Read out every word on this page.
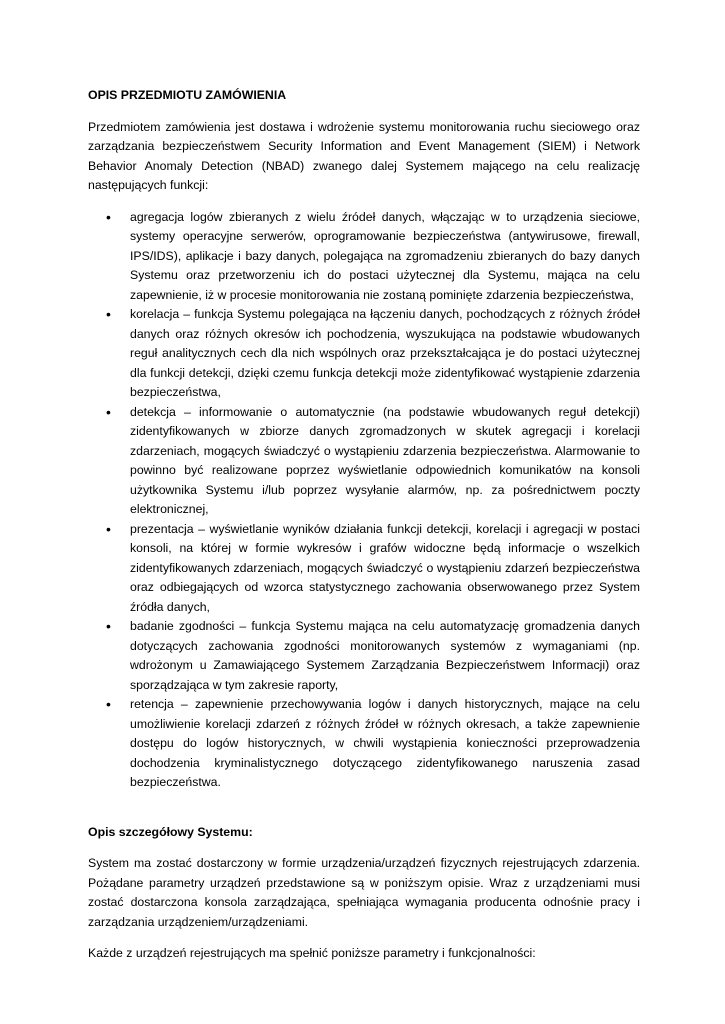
OPIS PRZEDMIOTU ZAMÓWIENIA

Przedmiotem zamówienia jest dostawa i wdrożenie systemu monitorowania ruchu sieciowego oraz zarządzania bezpieczeństwem Security Information and Event Management (SIEM) i Network Behavior Anomaly Detection (NBAD) zwanego dalej Systemem mającego na celu realizację następujących funkcji:

• agregacja logów zbieranych z wielu źródeł danych, włączając w to urządzenia sieciowe, systemy operacyjne serwerów, oprogramowanie bezpieczeństwa (antywirusowe, firewall, IPS/IDS), aplikacje i bazy danych, polegająca na zgromadzeniu zbieranych do bazy danych Systemu oraz przetworzeniu ich do postaci użytecznej dla Systemu, mająca na celu zapewnienie, iż w procesie monitorowania nie zostaną pominięte zdarzenia bezpieczeństwa,
• korelacja – funkcja Systemu polegająca na łączeniu danych, pochodzących z różnych źródeł danych oraz różnych okresów ich pochodzenia, wyszukująca na podstawie wbudowanych reguł analitycznych cech dla nich wspólnych oraz przekształcająca je do postaci użytecznej dla funkcji detekcji, dzięki czemu funkcja detekcji może zidentyfikować wystąpienie zdarzenia bezpieczeństwa,
• detekcja – informowanie o automatycznie (na podstawie wbudowanych reguł detekcji) zidentyfikowanych w zbiorze danych zgromadzonych w skutek agregacji i korelacji zdarzeniach, mogących świadczyć o wystąpieniu zdarzenia bezpieczeństwa. Alarmowanie to powinno być realizowane poprzez wyświetlanie odpowiednich komunikatów na konsoli użytkownika Systemu i/lub poprzez wysyłanie alarmów, np. za pośrednictwem poczty elektronicznej,
• prezentacja – wyświetlanie wyników działania funkcji detekcji, korelacji i agregacji w postaci konsoli, na której w formie wykresów i grafów widoczne będą informacje o wszelkich zidentyfikowanych zdarzeniach, mogących świadczyć o wystąpieniu zdarzeń bezpieczeństwa oraz odbiegających od wzorca statystycznego zachowania obserwowanego przez System źródła danych,
• badanie zgodności – funkcja Systemu mająca na celu automatyzację gromadzenia danych dotyczących zachowania zgodności monitorowanych systemów z wymaganiami (np. wdrożonym u Zamawiającego Systemem Zarządzania Bezpieczeństwem Informacji) oraz sporządzająca w tym zakresie raporty,
• retencja – zapewnienie przechowywania logów i danych historycznych, mające na celu umożliwienie korelacji zdarzeń z różnych źródeł w różnych okresach, a także zapewnienie dostępu do logów historycznych, w chwili wystąpienia konieczności przeprowadzenia dochodzenia kryminalistycznego dotyczącego zidentyfikowanego naruszenia zasad bezpieczeństwa.

Opis szczegółowy Systemu:

System ma zostać dostarczony w formie urządzenia/urządzeń fizycznych rejestrujących zdarzenia. Pożądane parametry urządzeń przedstawione są w poniższym opisie. Wraz z urządzeniami musi zostać dostarczona konsola zarządzająca, spełniająca wymagania producenta odnośnie pracy i zarządzania urządzeniem/urządzeniami.

Każde z urządzeń rejestrujących ma spełnić poniższe parametry i funkcjonalności:
